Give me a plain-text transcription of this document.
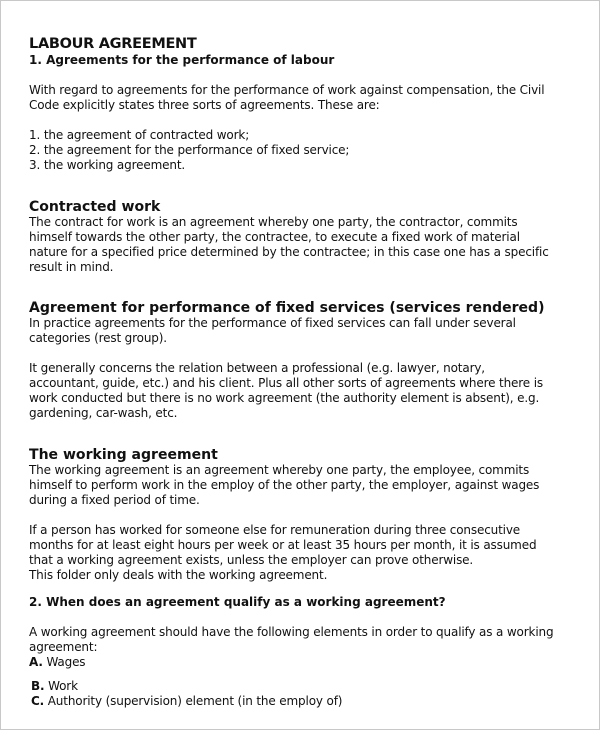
LABOUR AGREEMENT
1. Agreements for the performance of labour

With regard to agreements for the performance of work against compensation, the Civil
Code explicitly states three sorts of agreements. These are:

1. the agreement of contracted work;

2. the agreement for the performance of fixed service;

3. the working agreement.

Contracted work

The contract for work is an agreement whereby one party, the contractor, commits
himself towards the other party, the contractee, to execute a fixed work of material
nature for a specified price determined by the contractee; in this case one has a specific
result in mind.

Agreement for performance of fixed services (services rendered)

In practice agreements for the performance of fixed services can fall under several
categories (rest group).

It generally concerns the relation between a professional (e.g. lawyer, notary,
accountant, guide, etc.) and his client. Plus all other sorts of agreements where there is
work conducted but there is no work agreement (the authority element is absent), e.g.
gardening, car-wash, etc.

The working agreement

The working agreement is an agreement whereby one party, the employee, commits
himself to perform work in the employ of the other party, the employer, against wages
during a fixed period of time.

If a person has worked for someone else for remuneration during three consecutive
months for at least eight hours per week or at least 35 hours per month, it is assumed
that a working agreement exists, unless the employer can prove otherwise.
This folder only deals with the working agreement.

2. When does an agreement qualify as a working agreement?

A working agreement should have the following elements in order to qualify as a working
agreement:

A. Wages

B. Work

C. Authority (supervision) element (in the employ of)
